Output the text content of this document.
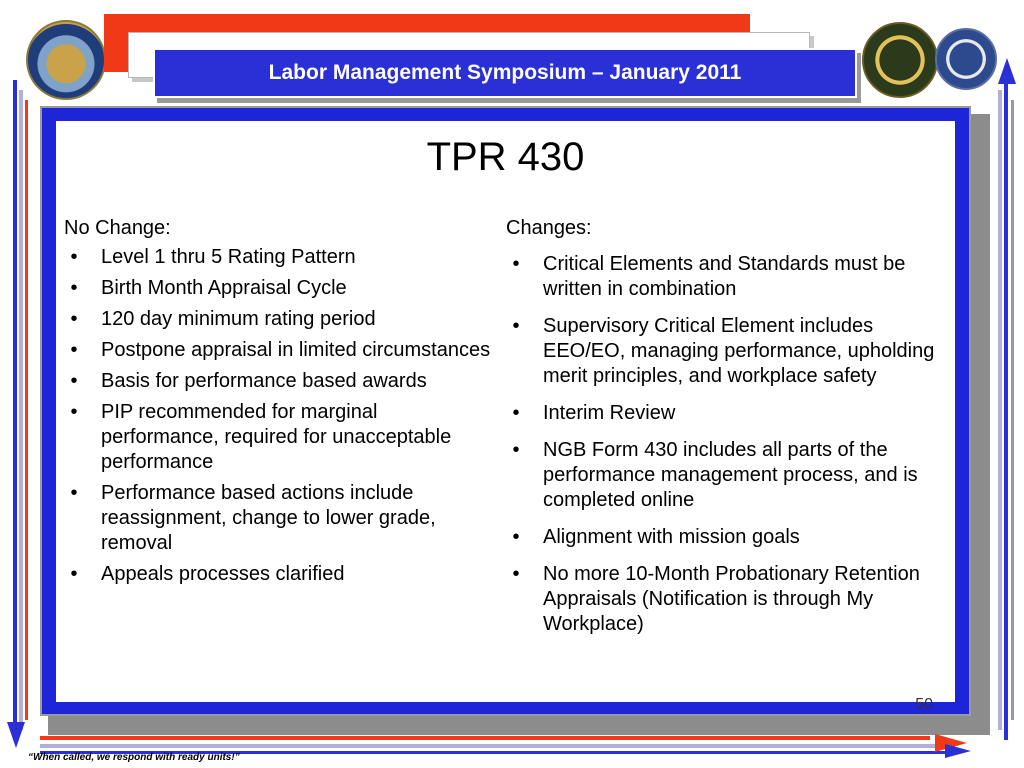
Labor Management Symposium – January 2011
TPR 430
No Change:
•	Level 1 thru 5 Rating Pattern
•	Birth Month Appraisal Cycle
•	120 day minimum rating period
•	Postpone appraisal in limited circumstances
•	Basis for performance based awards
•	PIP recommended for marginal performance, required for unacceptable performance
•	Performance based actions include reassignment, change to lower grade, removal
•	Appeals processes clarified
Changes:
•	Critical Elements and Standards must be written in combination
•	Supervisory Critical Element includes EEO/EO, managing performance, upholding merit principles, and workplace safety
•	Interim Review
•	NGB Form 430 includes all parts of the performance management process, and is completed online
•	Alignment with mission goals
•	No more 10-Month Probationary Retention Appraisals (Notification is through My Workplace)
50
“When called, we respond with ready units!”
